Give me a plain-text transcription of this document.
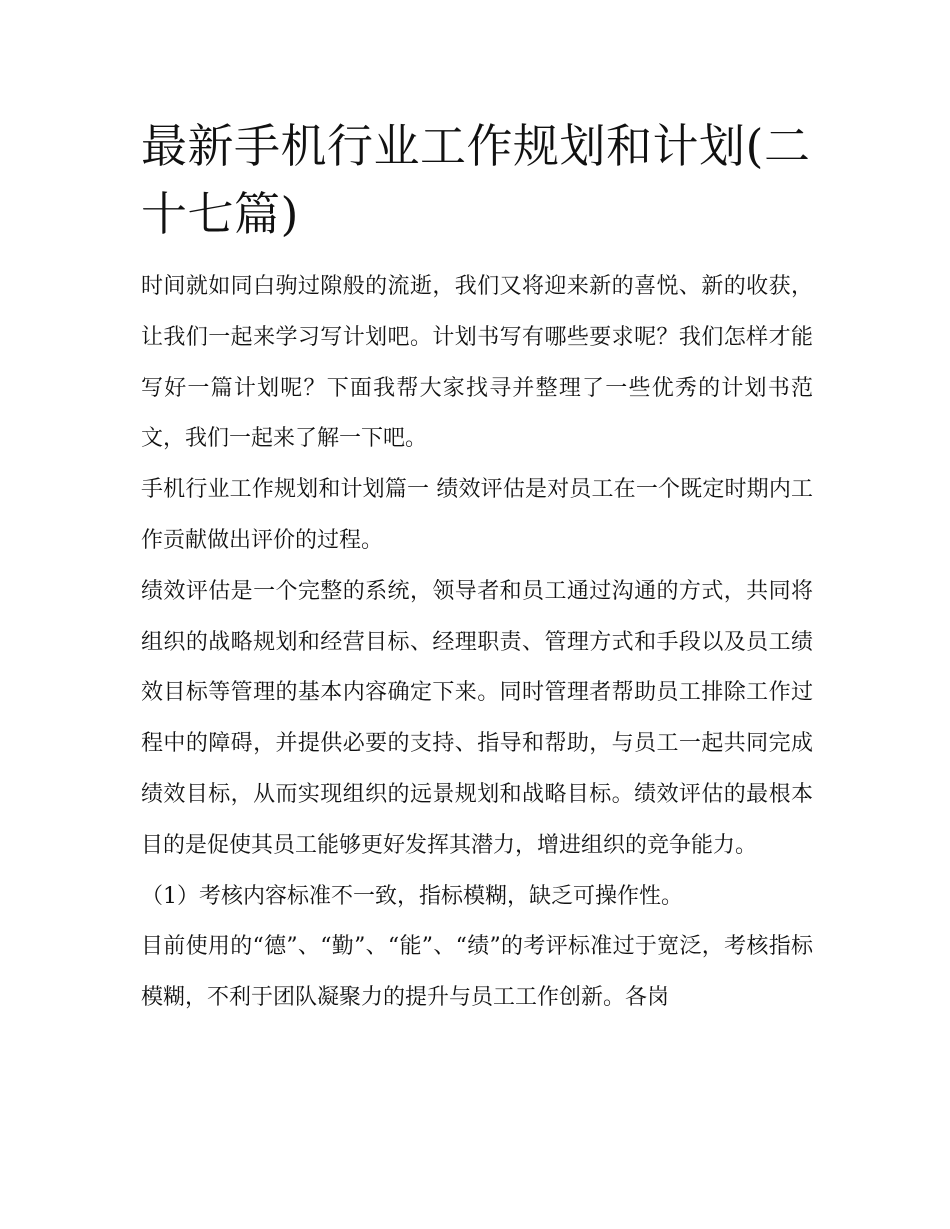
最新手机行业工作规划和计划(二十七篇)

时间就如同白驹过隙般的流逝，我们又将迎来新的喜悦、新的收获，让我们一起来学习写计划吧。计划书写有哪些要求呢？我们怎样才能写好一篇计划呢？下面我帮大家找寻并整理了一些优秀的计划书范文，我们一起来了解一下吧。

手机行业工作规划和计划篇一 绩效评估是对员工在一个既定时期内工作贡献做出评价的过程。

绩效评估是一个完整的系统，领导者和员工通过沟通的方式，共同将组织的战略规划和经营目标、经理职责、管理方式和手段以及员工绩效目标等管理的基本内容确定下来。同时管理者帮助员工排除工作过程中的障碍，并提供必要的支持、指导和帮助，与员工一起共同完成绩效目标，从而实现组织的远景规划和战略目标。绩效评估的最根本目的是促使其员工能够更好发挥其潜力，增进组织的竞争能力。

（1）考核内容标准不一致，指标模糊，缺乏可操作性。

目前使用的“德”、“勤”、“能”、“绩”的考评标准过于宽泛，考核指标模糊，不利于团队凝聚力的提升与员工工作创新。各岗
